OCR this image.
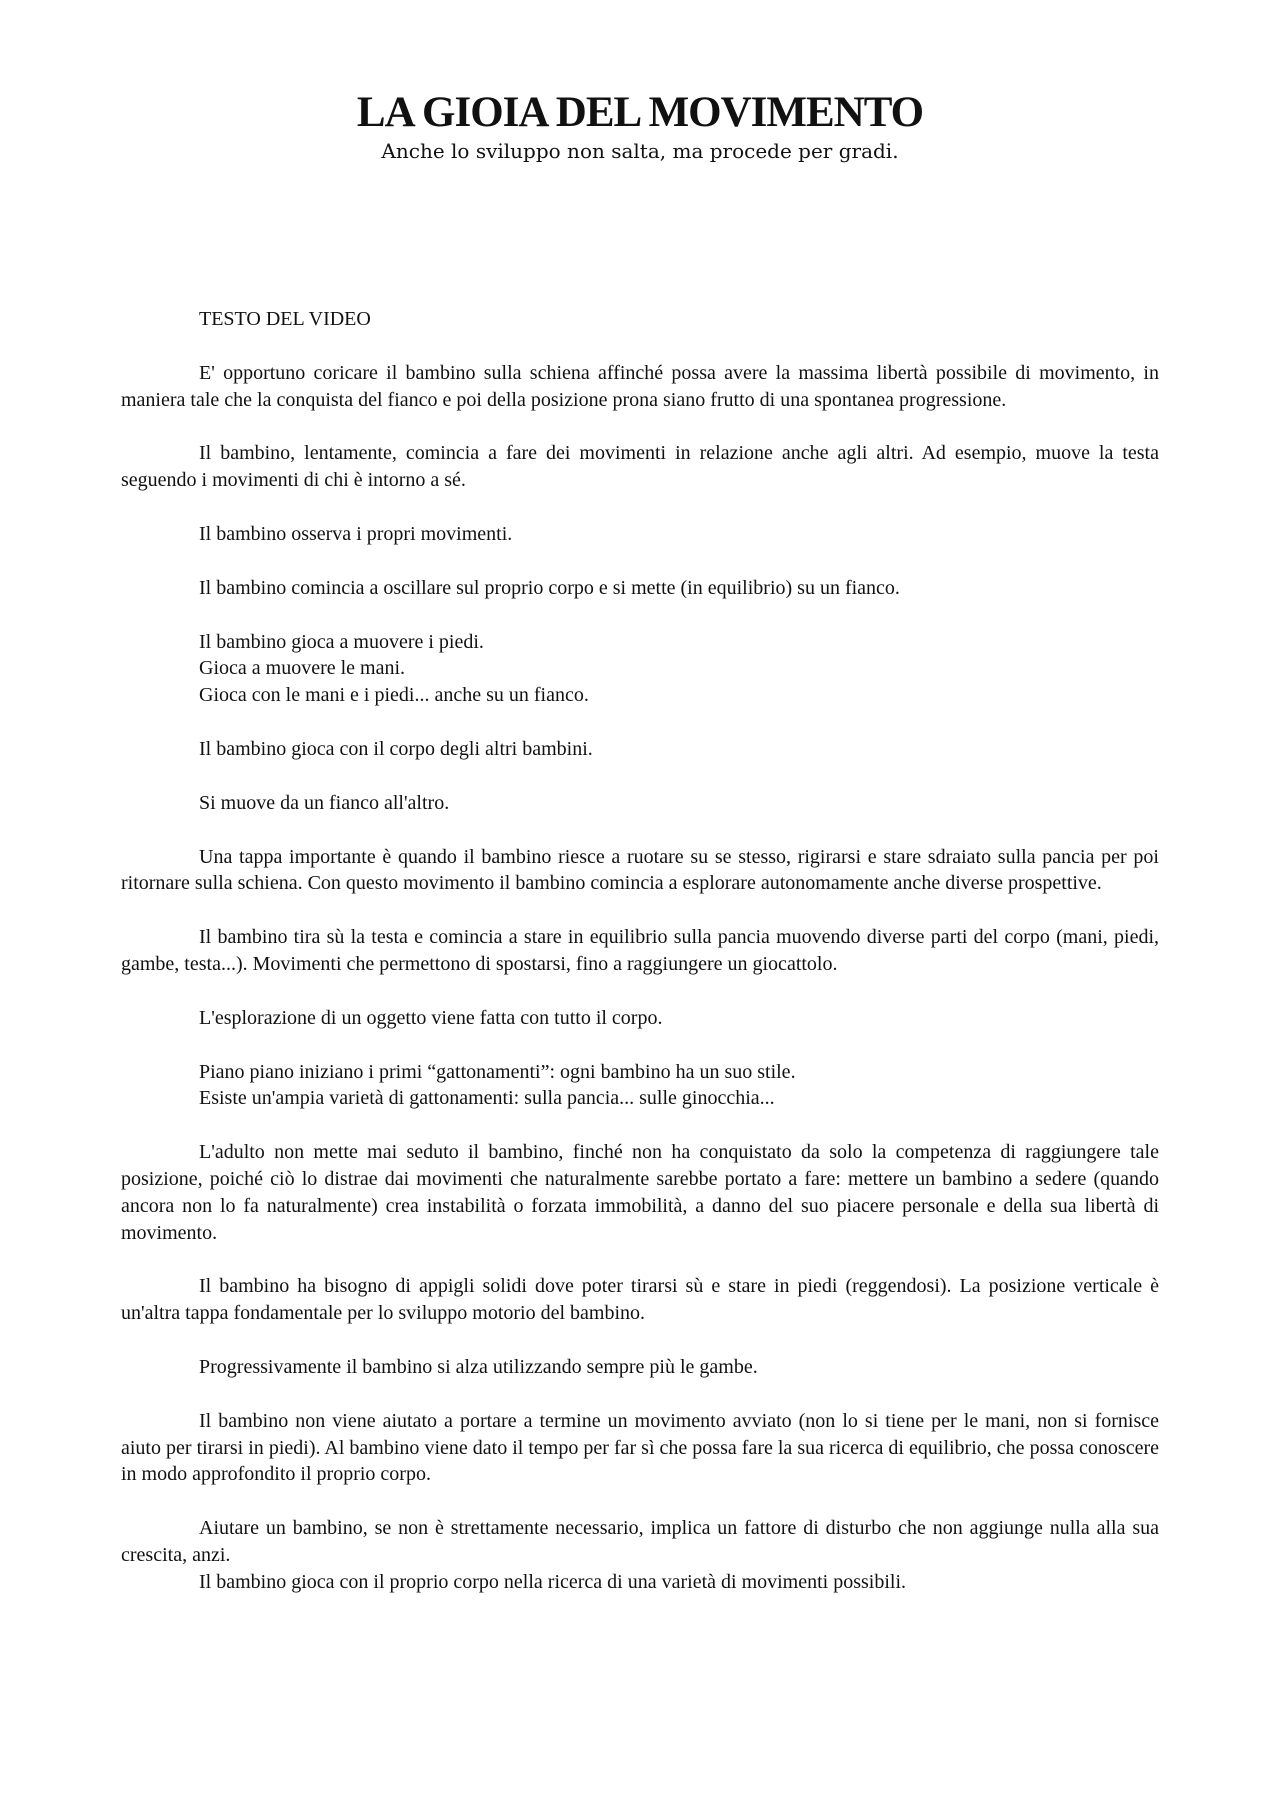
LA GIOIA DEL MOVIMENTO
Anche lo sviluppo non salta, ma procede per gradi.
TESTO DEL VIDEO

E' opportuno coricare il bambino sulla schiena affinché possa avere la massima libertà possibile di movimento, in maniera tale che la conquista del fianco e poi della posizione prona siano frutto di una spontanea progressione.

Il bambino, lentamente, comincia a fare dei movimenti in relazione anche agli altri. Ad esempio, muove la testa seguendo i movimenti di chi è intorno a sé.

Il bambino osserva i propri movimenti.

Il bambino comincia a oscillare sul proprio corpo e si mette (in equilibrio) su un fianco.

Il bambino gioca a muovere i piedi.

Gioca a muovere le mani.

Gioca con le mani e i piedi... anche su un fianco.

Il bambino gioca con il corpo degli altri bambini.

Si muove da un fianco all'altro.

Una tappa importante è quando il bambino riesce a ruotare su se stesso, rigirarsi e stare sdraiato sulla pancia per poi ritornare sulla schiena. Con questo movimento il bambino comincia a esplorare autonomamente anche diverse prospettive.

Il bambino tira sù la testa e comincia a stare in equilibrio sulla pancia muovendo diverse parti del corpo (mani, piedi, gambe, testa...). Movimenti che permettono di spostarsi, fino a raggiungere un giocattolo.

L'esplorazione di un oggetto viene fatta con tutto il corpo.

Piano piano iniziano i primi “gattonamenti”: ogni bambino ha un suo stile.

Esiste un'ampia varietà di gattonamenti: sulla pancia... sulle ginocchia...

L'adulto non mette mai seduto il bambino, finché non ha conquistato da solo la competenza di raggiungere tale posizione, poiché ciò lo distrae dai movimenti che naturalmente sarebbe portato a fare: mettere un bambino a sedere (quando ancora non lo fa naturalmente) crea instabilità o forzata immobilità, a danno del suo piacere personale e della sua libertà di movimento.

Il bambino ha bisogno di appigli solidi dove poter tirarsi sù e stare in piedi (reggendosi). La posizione verticale è un'altra tappa fondamentale per lo sviluppo motorio del bambino.

Progressivamente il bambino si alza utilizzando sempre più le gambe.

Il bambino non viene aiutato a portare a termine un movimento avviato (non lo si tiene per le mani, non si fornisce aiuto per tirarsi in piedi). Al bambino viene dato il tempo per far sì che possa fare la sua ricerca di equilibrio, che possa conoscere in modo approfondito il proprio corpo.

Aiutare un bambino, se non è strettamente necessario, implica un fattore di disturbo che non aggiunge nulla alla sua crescita, anzi.

Il bambino gioca con il proprio corpo nella ricerca di una varietà di movimenti possibili.
